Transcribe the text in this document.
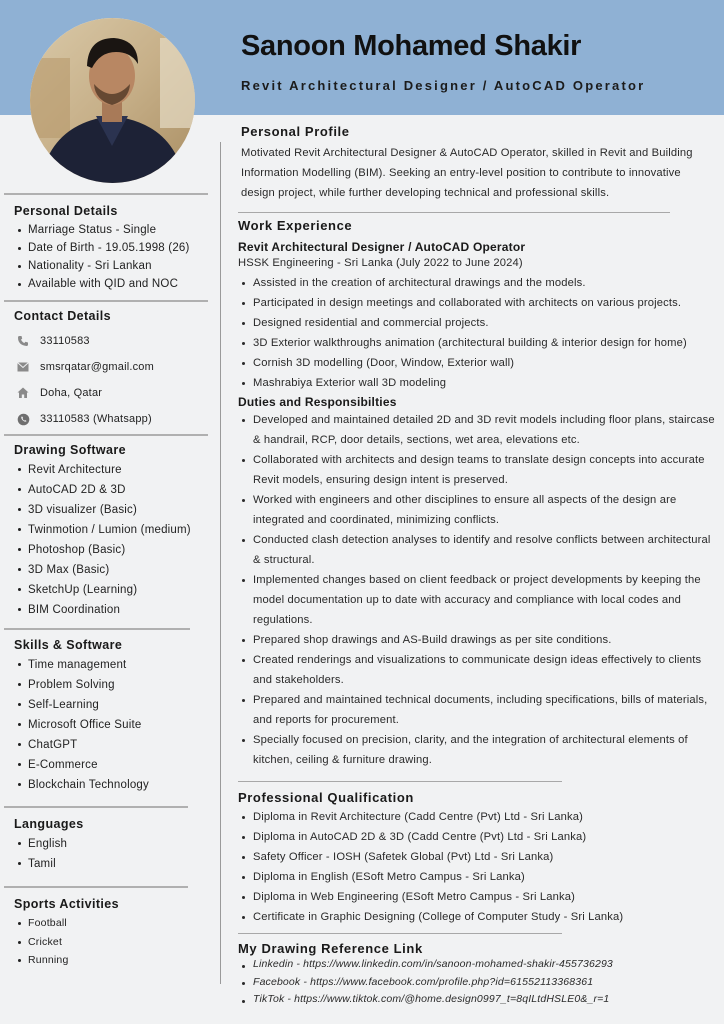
Sanoon Mohamed Shakir
Revit Architectural Designer / AutoCAD Operator
Personal Details
Marriage Status - Single
Date of Birth - 19.05.1998 (26)
Nationality - Sri Lankan
Available with QID and NOC
Contact Details
33110583
smsrqatar@gmail.com
Doha, Qatar
33110583 (Whatsapp)
Drawing Software
Revit Architecture
AutoCAD 2D & 3D
3D visualizer (Basic)
Twinmotion / Lumion (medium)
Photoshop (Basic)
3D Max (Basic)
SketchUp (Learning)
BIM Coordination
Skills & Software
Time management
Problem Solving
Self-Learning
Microsoft Office Suite
ChatGPT
E-Commerce
Blockchain Technology
Languages
English
Tamil
Sports Activities
Football
Cricket
Running
Personal Profile

Motivated Revit Architectural Designer & AutoCAD Operator, skilled in Revit and Building Information Modelling (BIM). Seeking an entry-level position to contribute to innovative design project, while further developing technical and professional skills.

Work Experience
Revit Architectural Designer / AutoCAD Operator
HSSK Engineering - Sri Lanka (July 2022 to June 2024)
Assisted in the creation of architectural drawings and the models.
Participated in design meetings and collaborated with architects on various projects.
Designed residential and commercial projects.
3D Exterior walkthroughs animation (architectural building & interior design for home)
Cornish 3D modelling (Door, Window, Exterior wall)
Mashrabiya Exterior wall 3D modeling
Duties and Responsibilties
Developed and maintained detailed 2D and 3D revit models including floor plans, staircase & handrail, RCP, door details, sections, wet area, elevations etc.
Collaborated with architects and design teams to translate design concepts into accurate Revit models, ensuring design intent is preserved.
Worked with engineers and other disciplines to ensure all aspects of the design are integrated and coordinated, minimizing conflicts.
Conducted clash detection analyses to identify and resolve conflicts between architectural & structural.
Implemented changes based on client feedback or project developments by keeping the model documentation up to date with accuracy and compliance with local codes and regulations.
Prepared shop drawings and AS-Build drawings as per site conditions.
Created renderings and visualizations to communicate design ideas effectively to clients and stakeholders.
Prepared and maintained technical documents, including specifications, bills of materials, and reports for procurement.
Specially focused on precision, clarity, and the integration of architectural elements of kitchen, ceiling & furniture drawing.
Professional Qualification
Diploma in Revit Architecture (Cadd Centre (Pvt) Ltd - Sri Lanka)
Diploma in AutoCAD 2D & 3D (Cadd Centre (Pvt) Ltd - Sri Lanka)
Safety Officer - IOSH (Safetek Global (Pvt) Ltd - Sri Lanka)
Diploma in English (ESoft Metro Campus - Sri Lanka)
Diploma in Web Engineering (ESoft Metro Campus - Sri Lanka)
Certificate in Graphic Designing (College of Computer Study - Sri Lanka)
My Drawing Reference Link
Linkedin - https://www.linkedin.com/in/sanoon-mohamed-shakir-455736293
Facebook - https://www.facebook.com/profile.php?id=61552113368361
TikTok - https://www.tiktok.com/@home.design0997_t=8qILtdHSLE0&_r=1
